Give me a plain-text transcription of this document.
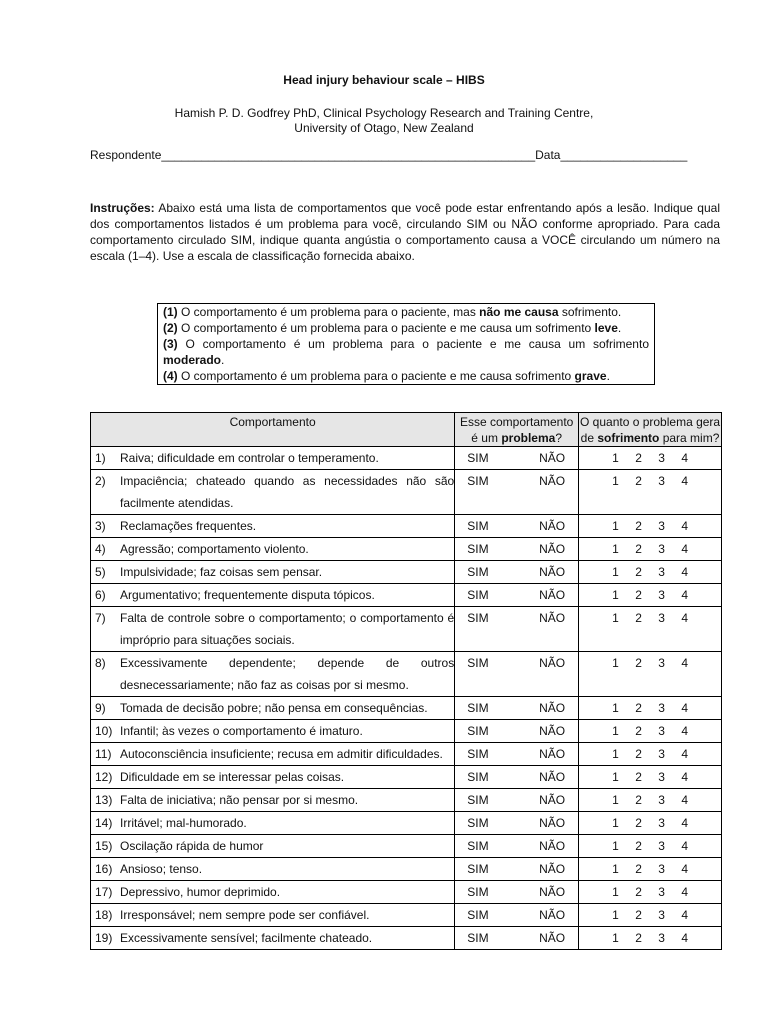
Head injury behaviour scale – HIBS
Hamish P. D. Godfrey PhD, Clinical Psychology Research and Training Centre,
University of Otago, New Zealand
Respondente________________________________________________________Data___________________
Instruções: Abaixo está uma lista de comportamentos que você pode estar enfrentando após a lesão. Indique qual dos comportamentos listados é um problema para você, circulando SIM ou NÃO conforme apropriado. Para cada comportamento circulado SIM, indique quanta angústia o comportamento causa a VOCÊ circulando um número na escala (1–4). Use a escala de classificação fornecida abaixo.

(1) O comportamento é um problema para o paciente, mas não me causa sofrimento.

(2) O comportamento é um problema para o paciente e me causa um sofrimento leve.

(3) O comportamento é um problema para o paciente e me causa um sofrimento moderado.

(4) O comportamento é um problema para o paciente e me causa sofrimento grave.

Comportamento	Esse comportamento é um problema?	O quanto o problema gera de sofrimento para mim?

1) Raiva; dificuldade em controlar o temperamento.	SIM NÃO	1 2 3 4

2) Impaciência; chateado quando as necessidades não são facilmente atendidas.	SIM NÃO	1 2 3 4

3) Reclamações frequentes.	SIM NÃO	1 2 3 4

4) Agressão; comportamento violento.	SIM NÃO	1 2 3 4

5) Impulsividade; faz coisas sem pensar.	SIM NÃO	1 2 3 4

6) Argumentativo; frequentemente disputa tópicos.	SIM NÃO	1 2 3 4

7) Falta de controle sobre o comportamento; o comportamento é impróprio para situações sociais.	SIM NÃO	1 2 3 4

8) Excessivamente dependente; depende de outros desnecessariamente; não faz as coisas por si mesmo.	SIM NÃO	1 2 3 4

9) Tomada de decisão pobre; não pensa em consequências.	SIM NÃO	1 2 3 4

10) Infantil; às vezes o comportamento é imaturo.	SIM NÃO	1 2 3 4

11) Autoconsciência insuficiente; recusa em admitir dificuldades.	SIM NÃO	1 2 3 4

12) Dificuldade em se interessar pelas coisas.	SIM NÃO	1 2 3 4

13) Falta de iniciativa; não pensar por si mesmo.	SIM NÃO	1 2 3 4

14) Irritável; mal-humorado.	SIM NÃO	1 2 3 4

15) Oscilação rápida de humor	SIM NÃO	1 2 3 4

16) Ansioso; tenso.	SIM NÃO	1 2 3 4

17) Depressivo, humor deprimido.	SIM NÃO	1 2 3 4

18) Irresponsável; nem sempre pode ser confiável.	SIM NÃO	1 2 3 4

19) Excessivamente sensível; facilmente chateado.	SIM NÃO	1 2 3 4
